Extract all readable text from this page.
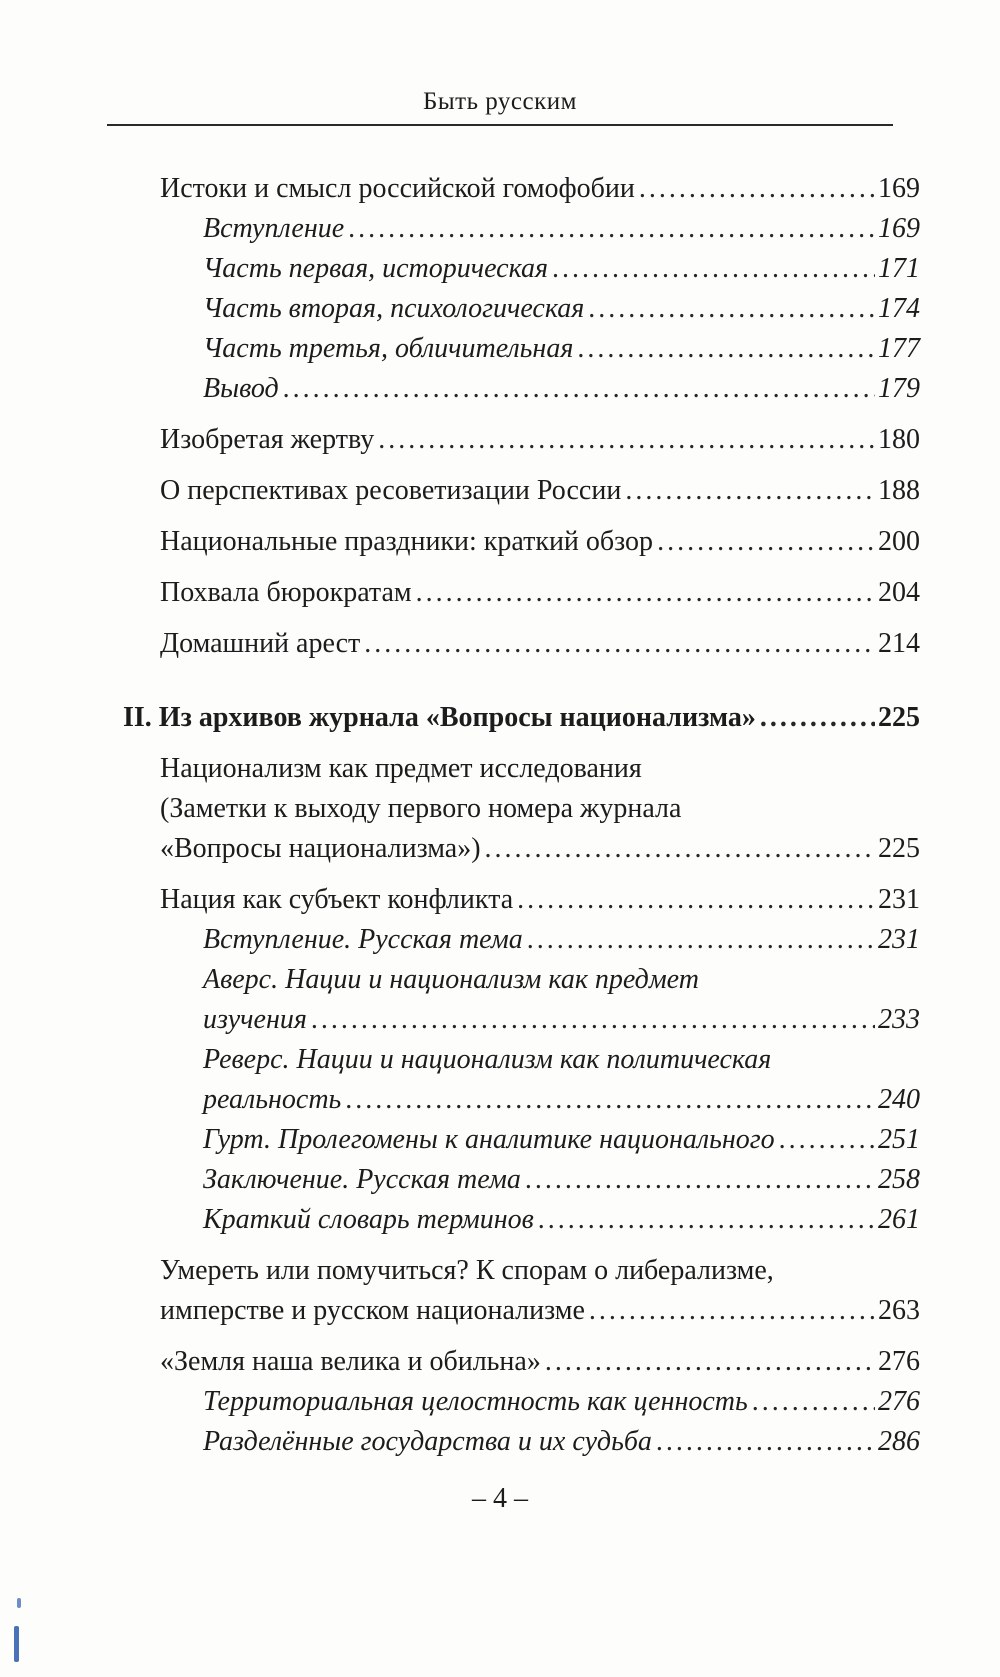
Быть русским
Истоки и смысл российской гомофобии .....	169
Вступление .....	169
Часть первая, историческая .....	171
Часть вторая, психологическая .....	174
Часть третья, обличительная .....	177
Вывод .....	179
Изобретая жертву .....	180
О перспективах ресоветизации России .....	188
Национальные праздники: краткий обзор .....	200
Похвала бюрократам .....	204
Домашний арест .....	214
II. Из архивов журнала «Вопросы национализма» .....	225
Национализм как предмет исследования
(Заметки к выходу первого номера журнала
«Вопросы национализма») .....	225
Нация как субъект конфликта .....	231
Вступление. Русская тема .....	231
Аверс. Нации и национализм как предмет
изучения .....	233
Реверс. Нации и национализм как политическая
реальность .....	240
Гурт. Пролегомены к аналитике национального .....	251
Заключение. Русская тема .....	258
Краткий словарь терминов .....	261
Умереть или помучиться? К спорам о либерализме,
имперстве и русском национализме .....	263
«Земля наша велика и обильна» .....	276
Территориальная целостность как ценность .....	276
Разделённые государства и их судьба .....	286
– 4 –
